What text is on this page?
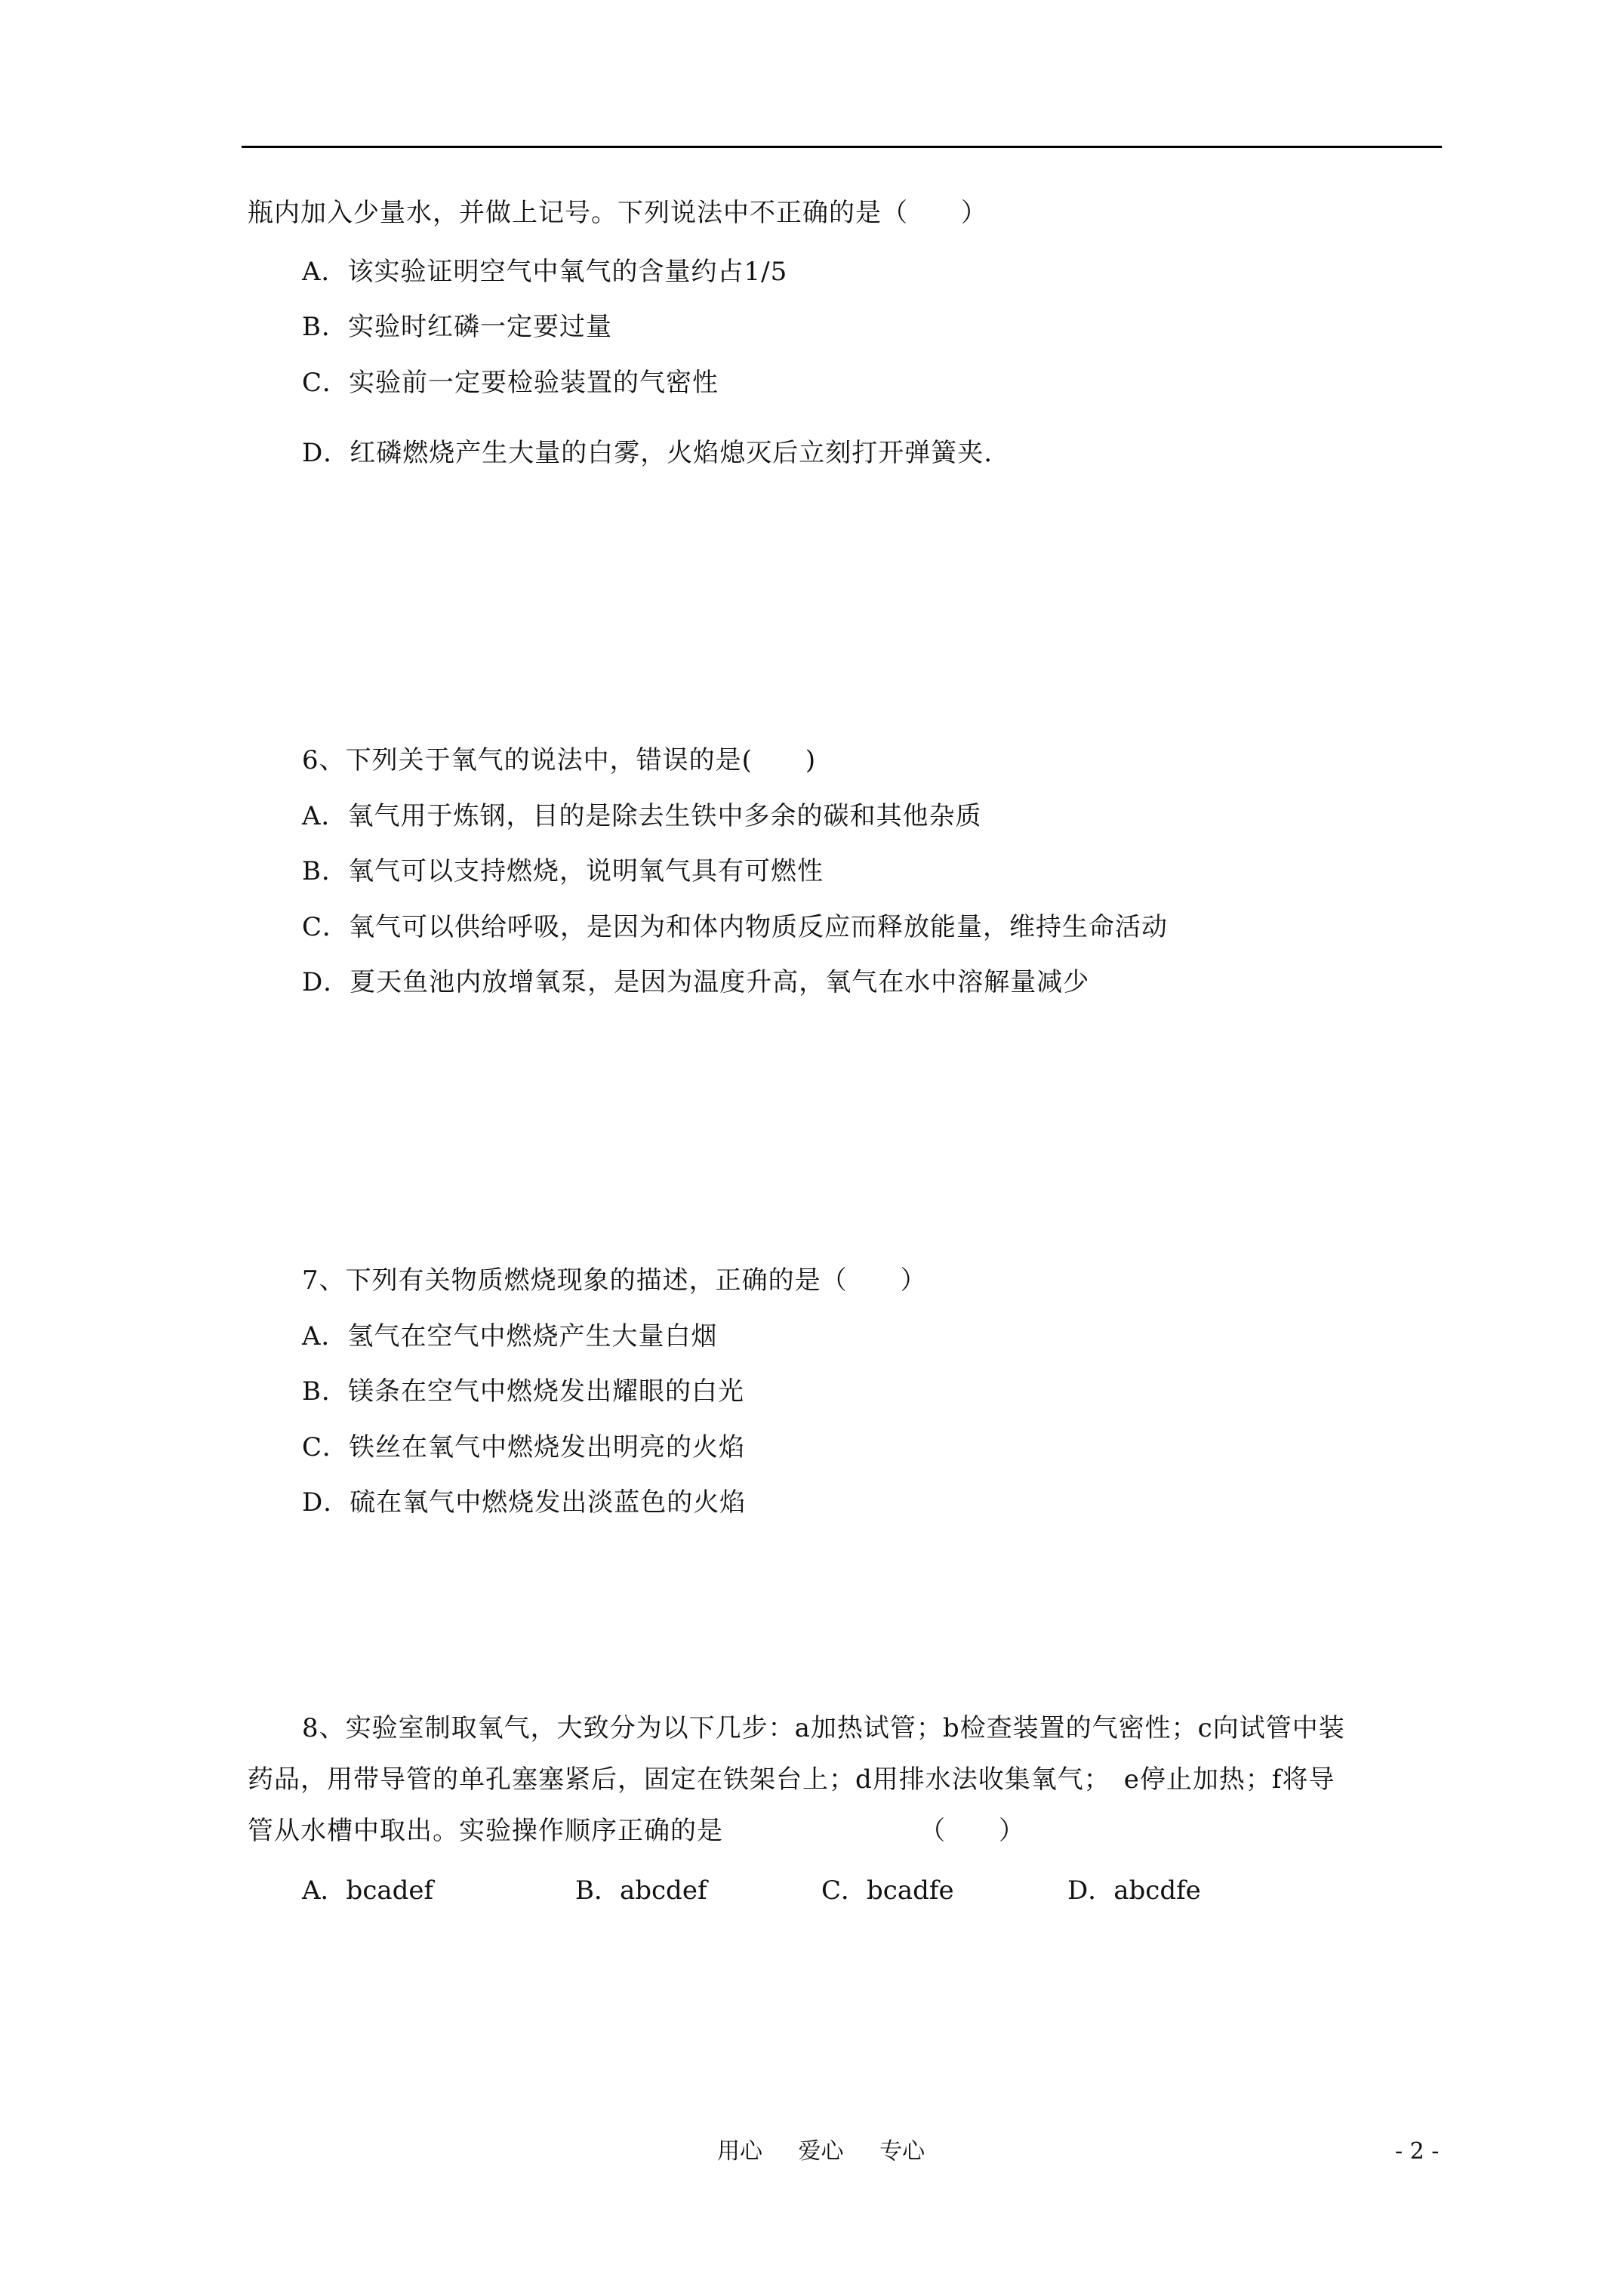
瓶内加入少量水，并做上记号。下列说法中不正确的是（　　）
A．该实验证明空气中氧气的含量约占1/5
B．实验时红磷一定要过量
C．实验前一定要检验装置的气密性
D．红磷燃烧产生大量的白雾，火焰熄灭后立刻打开弹簧夹.
6、下列关于氧气的说法中，错误的是(　　)
A．氧气用于炼钢，目的是除去生铁中多余的碳和其他杂质
B．氧气可以支持燃烧，说明氧气具有可燃性
C．氧气可以供给呼吸，是因为和体内物质反应而释放能量，维持生命活动
D．夏天鱼池内放增氧泵，是因为温度升高，氧气在水中溶解量减少
7、下列有关物质燃烧现象的描述，正确的是（　　）
A．氢气在空气中燃烧产生大量白烟
B．镁条在空气中燃烧发出耀眼的白光
C．铁丝在氧气中燃烧发出明亮的火焰
D．硫在氧气中燃烧发出淡蓝色的火焰
8、实验室制取氧气，大致分为以下几步：a加热试管；b检查装置的气密性；c向试管中装
药品，用带导管的单孔塞塞紧后，固定在铁架台上；d用排水法收集氧气；　e停止加热；f将导
管从水槽中取出。实验操作顺序正确的是	（　　）
A．bcadef	B．abcdef	C．bcadfe	D．abcdfe
用心 爱心 专心	- 2 -
